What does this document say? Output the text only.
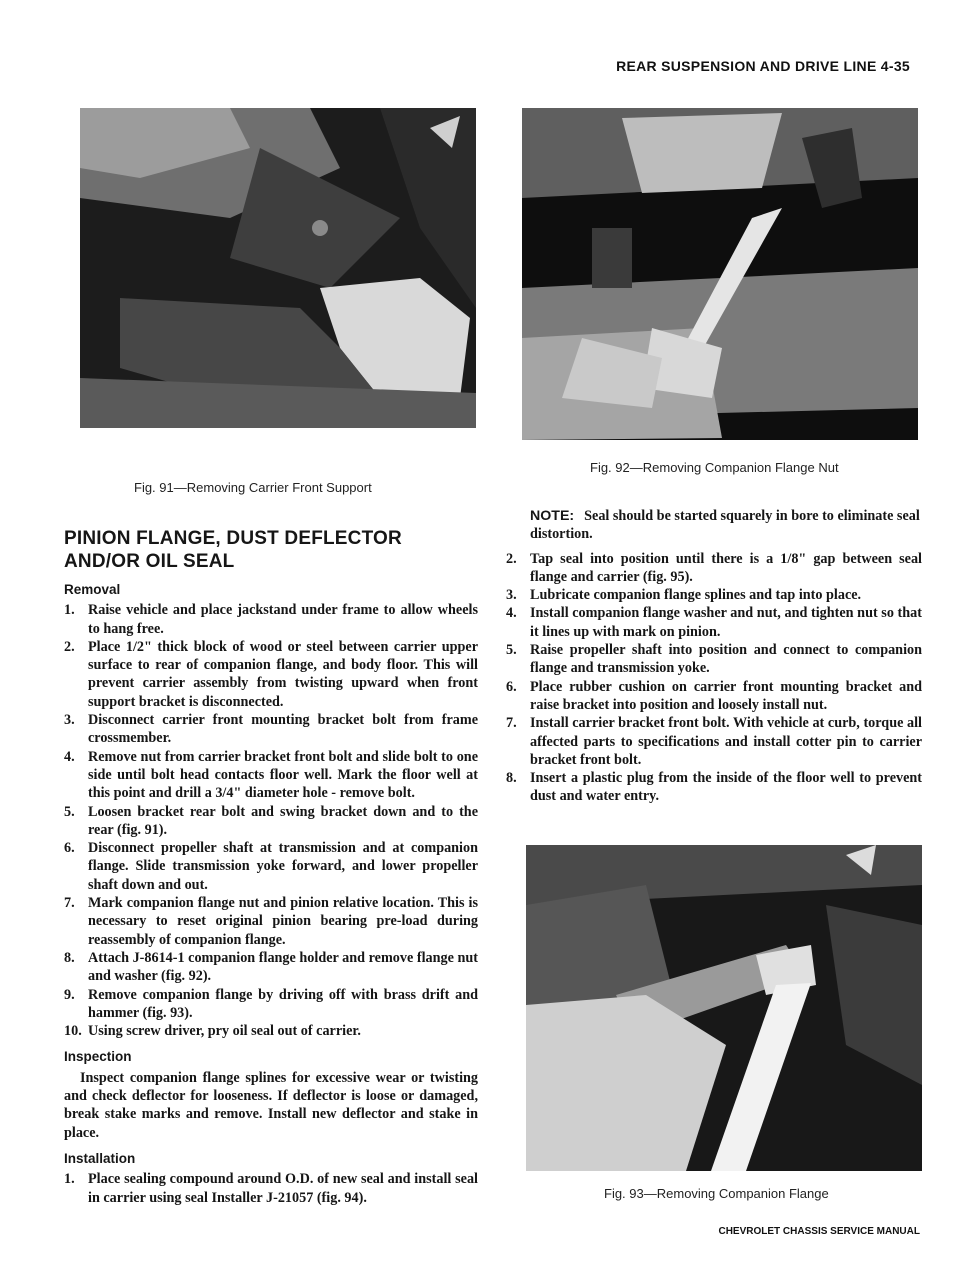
REAR SUSPENSION AND DRIVE LINE 4-35
Fig. 91—Removing Carrier Front Support
Fig. 92—Removing Companion Flange Nut
Fig. 93—Removing Companion Flange
PINION FLANGE, DUST DEFLECTOR
AND/OR OIL SEAL
Removal
1. Raise vehicle and place jackstand under frame to allow wheels to hang free.
2. Place 1/2" thick block of wood or steel between carrier upper surface to rear of companion flange, and body floor. This will prevent carrier assembly from twisting upward when front support bracket is disconnected.
3. Disconnect carrier front mounting bracket bolt from frame crossmember.
4. Remove nut from carrier bracket front bolt and slide bolt to one side until bolt head contacts floor well. Mark the floor well at this point and drill a 3/4" diameter hole - remove bolt.
5. Loosen bracket rear bolt and swing bracket down and to the rear (fig. 91).
6. Disconnect propeller shaft at transmission and at companion flange. Slide transmission yoke forward, and lower propeller shaft down and out.
7. Mark companion flange nut and pinion relative location. This is necessary to reset original pinion bearing pre-load during reassembly of companion flange.
8. Attach J-8614-1 companion flange holder and remove flange nut and washer (fig. 92).
9. Remove companion flange by driving off with brass drift and hammer (fig. 93).
10. Using screw driver, pry oil seal out of carrier.
Inspection

Inspect companion flange splines for excessive wear or twisting and check deflector for looseness. If deflector is loose or damaged, break stake marks and remove. Install new deflector and stake in place.

Installation
1. Place sealing compound around O.D. of new seal and install seal in carrier using seal Installer J-21057 (fig. 94).

NOTE: Seal should be started squarely in bore to eliminate seal distortion.

2. Tap seal into position until there is a 1/8" gap between seal flange and carrier (fig. 95).
3. Lubricate companion flange splines and tap into place.
4. Install companion flange washer and nut, and tighten nut so that it lines up with mark on pinion.
5. Raise propeller shaft into position and connect to companion flange and transmission yoke.
6. Place rubber cushion on carrier front mounting bracket and raise bracket into position and loosely install nut.
7. Install carrier bracket front bolt. With vehicle at curb, torque all affected parts to specifications and install cotter pin to carrier bracket front bolt.
8. Insert a plastic plug from the inside of the floor well to prevent dust and water entry.
CHEVROLET CHASSIS SERVICE MANUAL
